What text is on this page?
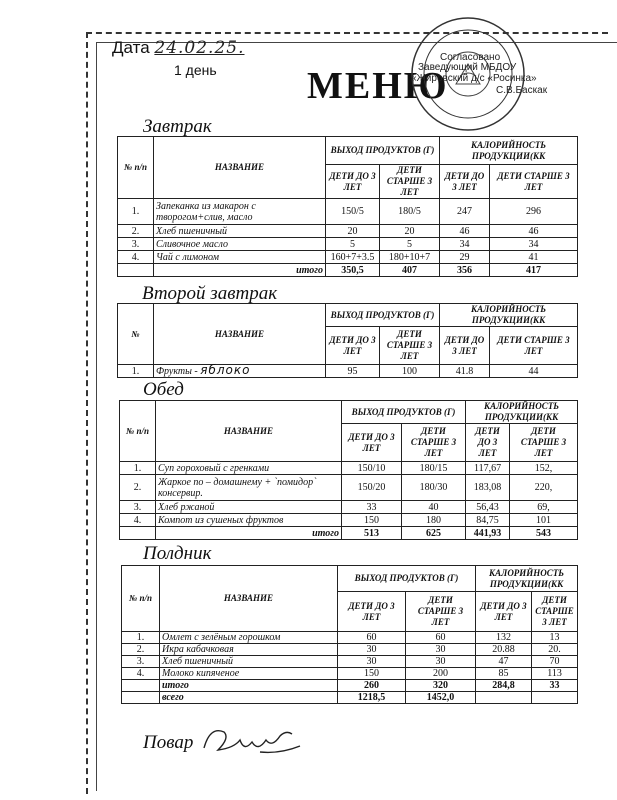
Дата 24.02.25.
1 день МЕНЮ
Согласовано
Заведующий МБДОУ
«Жировский д/с «Росинка»
С.В.Баскак
Завтрак
№ п/п	НАЗВАНИЕ	ВЫХОД ПРОДУКТОВ (Г)		КАЛОРИЙНОСТЬ ПРОДУКЦИИ(КК	
		ДЕТИ ДО 3 ЛЕТ	ДЕТИ СТАРШЕ 3 ЛЕТ	ДЕТИ ДО 3 ЛЕТ	ДЕТИ СТАРШЕ 3 ЛЕТ
1.	Запеканка из макарон с творогом+слив, масло	150/5	180/5	247	296
2.	Хлеб пшеничный	20	20	46	46
3.	Сливочное масло	5	5	34	34
4.	Чай с лимоном	160+7+3.5	180+10+7	29	41
	итого	350,5	407	356	417
Второй завтрак
№	НАЗВАНИЕ	ВЫХОД ПРОДУКТОВ (Г)		КАЛОРИЙНОСТЬ ПРОДУКЦИИ(КК	
		ДЕТИ ДО 3 ЛЕТ	ДЕТИ СТАРШЕ 3 ЛЕТ	ДЕТИ ДО 3 ЛЕТ	ДЕТИ СТАРШЕ 3 ЛЕТ
1.	Фрукты - яблоко	95	100	41.8	44
Обед
№ п/п	НАЗВАНИЕ	ВЫХОД ПРОДУКТОВ (Г)		КАЛОРИЙНОСТЬ ПРОДУКЦИИ(КК	
		ДЕТИ ДО 3 ЛЕТ	ДЕТИ СТАРШЕ 3 ЛЕТ	ДЕТИ ДО 3 ЛЕТ	ДЕТИ СТАРШЕ 3 ЛЕТ
1.	Суп гороховый с гренками	150/10	180/15	117,67	152,
2.	Жаркое по – домашнему + `помидор` консервир.	150/20	180/30	183,08	220,
3.	Хлеб ржаной	33	40	56,43	69,
4.	Компот из сушеных фруктов	150	180	84,75	101
	итого	513	625	441,93	543
Полдник
№ п/п	НАЗВАНИЕ	ВЫХОД ПРОДУКТОВ (Г)		КАЛОРИЙНОСТЬ ПРОДУКЦИИ(КК	
		ДЕТИ ДО 3 ЛЕТ	ДЕТИ СТАРШЕ 3 ЛЕТ	ДЕТИ ДО 3 ЛЕТ	ДЕТИ СТАРШЕ 3 ЛЕТ
1.	Омлет с зелёным горошком	60	60	132	13
2.	Икра кабачковая	30	30	20.88	20.
3.	Хлеб пшеничный	30	30	47	70
4.	Молоко кипяченое	150	200	85	113
	итого	260	320	284,8	33
	всего	1218,5	1452,0		
Повар
